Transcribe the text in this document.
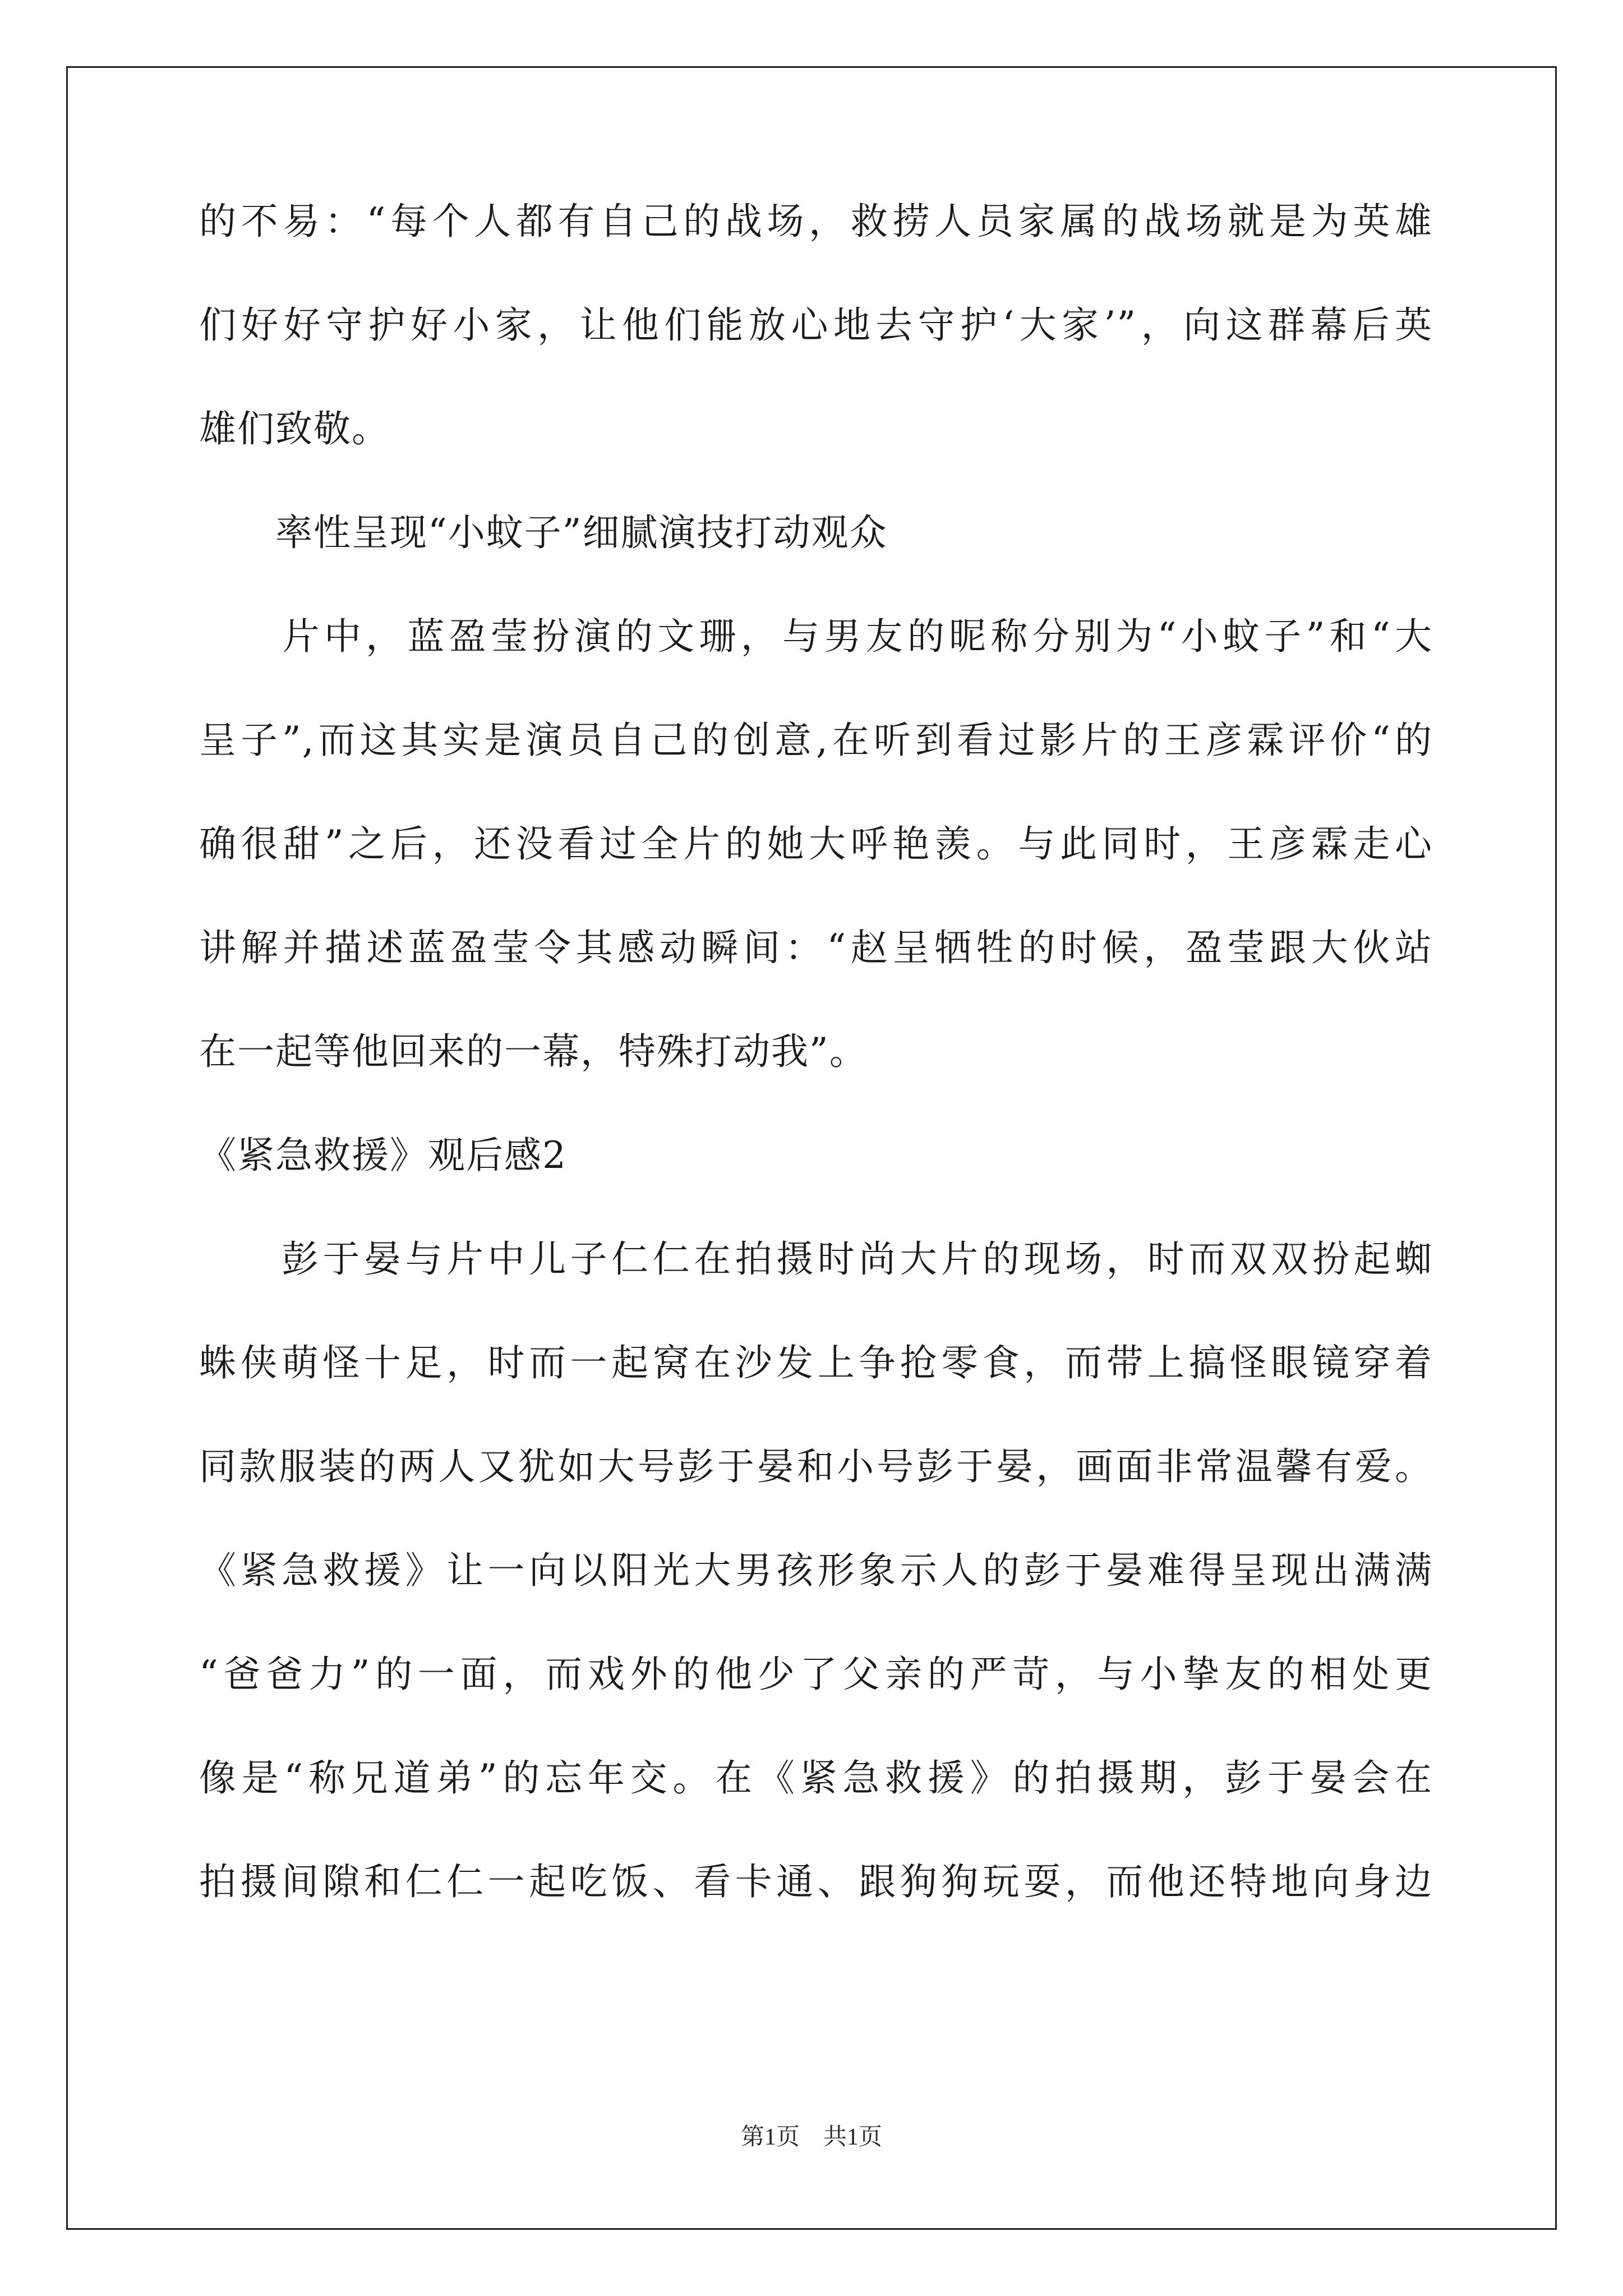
的不易：“每个人都有自己的战场，救捞人员家属的战场就是为英雄
们好好守护好小家，让他们能放心地去守护‘大家’”，向这群幕后英
雄们致敬。
　　率性呈现“小蚊子”细腻演技打动观众
　　片中，蓝盈莹扮演的文珊，与男友的昵称分别为“小蚊子”和“大
呈子”,而这其实是演员自己的创意,在听到看过影片的王彦霖评价“的
确很甜”之后，还没看过全片的她大呼艳羡。与此同时，王彦霖走心
讲解并描述蓝盈莹令其感动瞬间：“赵呈牺牲的时候，盈莹跟大伙站
在一起等他回来的一幕，特殊打动我”。
《紧急救援》观后感2
　　彭于晏与片中儿子仁仁在拍摄时尚大片的现场，时而双双扮起蜘
蛛侠萌怪十足，时而一起窝在沙发上争抢零食，而带上搞怪眼镜穿着
同款服装的两人又犹如大号彭于晏和小号彭于晏，画面非常温馨有爱。
《紧急救援》让一向以阳光大男孩形象示人的彭于晏难得呈现出满满
“爸爸力”的一面，而戏外的他少了父亲的严苛，与小挚友的相处更
像是“称兄道弟”的忘年交。在《紧急救援》的拍摄期，彭于晏会在
拍摄间隙和仁仁一起吃饭、看卡通、跟狗狗玩耍，而他还特地向身边
第1页　共1页
